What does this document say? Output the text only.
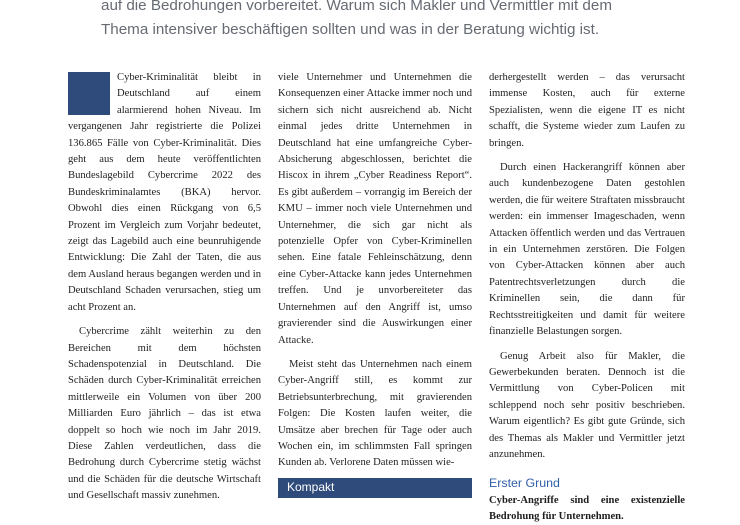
auf die Bedrohungen vorbereitet. Warum sich Makler und Vermittler mit dem
Thema intensiver beschäftigen sollten und was in der Beratung wichtig ist.

Cyber-Kriminalität bleibt in Deutschland auf einem alarmierend hohen Niveau. Im vergangenen Jahr registrierte die Polizei 136.865 Fälle von Cyber-Kriminalität. Dies geht aus dem heute veröffentlichten Bundeslagebild Cybercrime 2022 des Bundeskriminalamtes (BKA) hervor. Obwohl dies einen Rückgang von 6,5 Prozent im Vergleich zum Vorjahr bedeutet, zeigt das Lagebild auch eine beunruhigende Entwicklung: Die Zahl der Taten, die aus dem Ausland heraus begangen werden und in Deutschland Schaden verursachen, stieg um acht Prozent an.

Cybercrime zählt weiterhin zu den Bereichen mit dem höchsten Schadenspotenzial in Deutschland. Die Schäden durch Cyber-Kriminalität erreichen mittlerweile ein Volumen von über 200 Milliarden Euro jährlich – das ist etwa doppelt so hoch wie noch im Jahr 2019. Diese Zahlen verdeutlichen, dass die Bedrohung durch Cybercrime stetig wächst und die Schäden für die deutsche Wirtschaft und Gesellschaft massiv zunehmen.

viele Unternehmer und Unternehmen die Konsequenzen einer Attacke immer noch und sichern sich nicht ausreichend ab. Nicht einmal jedes dritte Unternehmen in Deutschland hat eine umfangreiche Cyber-Absicherung abgeschlossen, berichtet die Hiscox in ihrem „Cyber Readiness Report“. Es gibt außerdem – vorrangig im Bereich der KMU – immer noch viele Unternehmen und Unternehmer, die sich gar nicht als potenzielle Opfer von Cyber-Kriminellen sehen. Eine fatale Fehleinschätzung, denn eine Cyber-Attacke kann jedes Unternehmen treffen. Und je unvorbereiteter das Unternehmen auf den Angriff ist, umso gravierender sind die Auswirkungen einer Attacke.

Meist steht das Unternehmen nach einem Cyber-Angriff still, es kommt zur Betriebsunterbrechung, mit gravierenden Folgen: Die Kosten laufen weiter, die Umsätze aber brechen für Tage oder auch Wochen ein, im schlimmsten Fall springen Kunden ab. Verlorene Daten müssen wie-

Kompakt

derhergestellt werden – das verursacht immense Kosten, auch für externe Spezialisten, wenn die eigene IT es nicht schafft, die Systeme wieder zum Laufen zu bringen.

Durch einen Hackerangriff können aber auch kundenbezogene Daten gestohlen werden, die für weitere Straftaten missbraucht werden: ein immenser Imageschaden, wenn Attacken öffentlich werden und das Vertrauen in ein Unternehmen zerstören. Die Folgen von Cyber-Attacken können aber auch Patentrechtsverletzungen durch die Kriminellen sein, die dann für Rechtsstreitigkeiten und damit für weitere finanzielle Belastungen sorgen.

Genug Arbeit also für Makler, die Gewerbekunden beraten. Dennoch ist die Vermittlung von Cyber-Policen mit schleppend noch sehr positiv beschrieben. Warum eigentlich? Es gibt gute Gründe, sich des Themas als Makler und Vermittler jetzt anzunehmen.

Erster Grund

Cyber-Angriffe sind eine existenzielle Bedrohung für Unternehmen.
